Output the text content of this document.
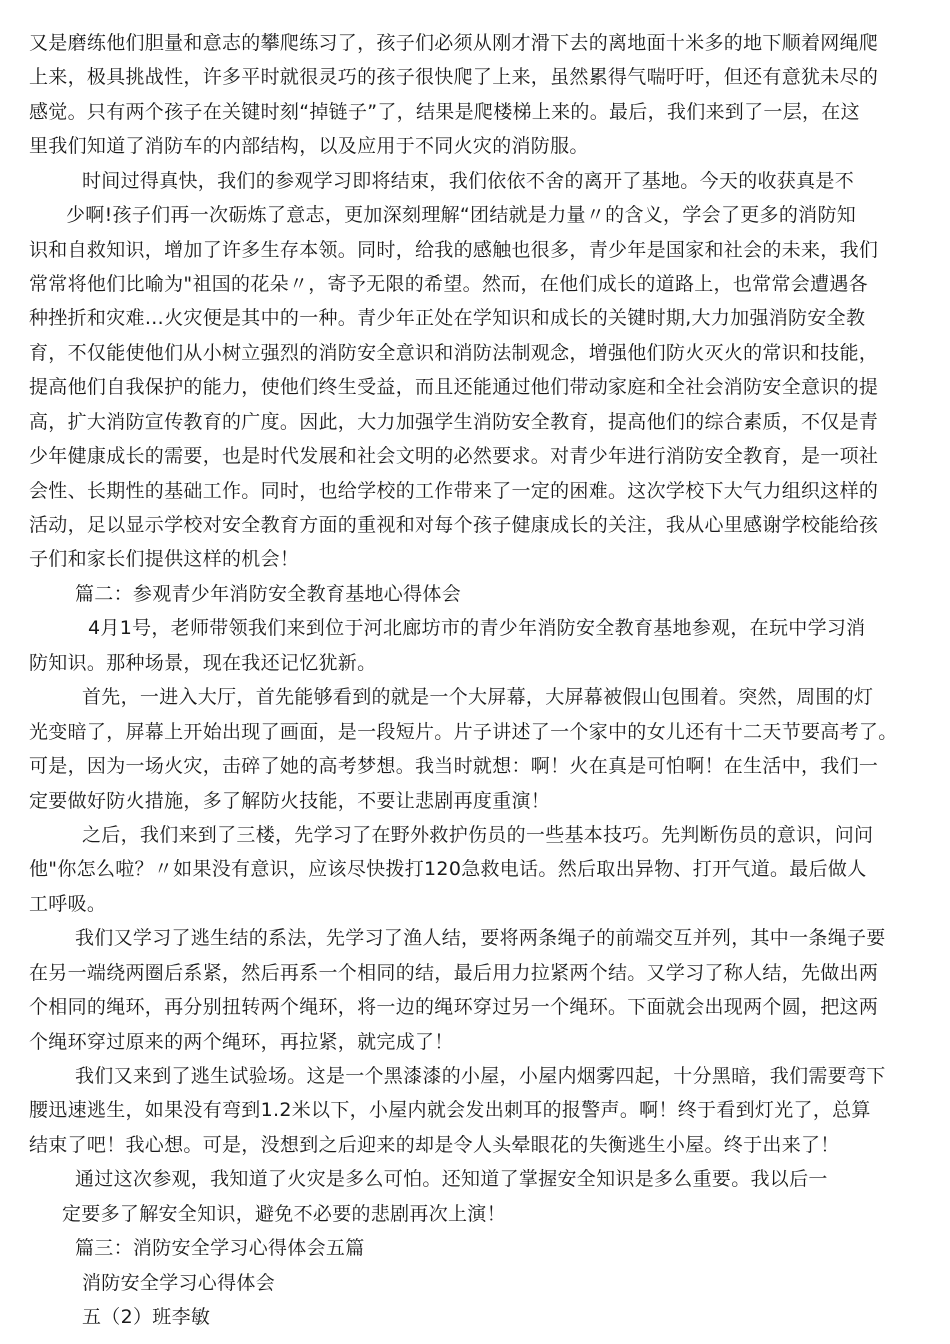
又是磨练他们胆量和意志的攀爬练习了，孩子们必须从刚才滑下去的离地面十米多的地下顺着网绳爬
上来，极具挑战性，许多平时就很灵巧的孩子很快爬了上来，虽然累得气喘吁吁，但还有意犹未尽的
感觉。只有两个孩子在关键时刻“掉链子”了，结果是爬楼梯上来的。最后，我们来到了一层，在这
里我们知道了消防车的内部结构，以及应用于不同火灾的消防服。
时间过得真快，我们的参观学习即将结束，我们依依不舍的离开了基地。今天的收获真是不
少啊!孩子们再一次砺炼了意志，更加深刻理解“团结就是力量〃的含义，学会了更多的消防知
识和自救知识，增加了许多生存本领。同时，给我的感触也很多，青少年是国家和社会的未来，我们
常常将他们比喻为"祖国的花朵〃，寄予无限的希望。然而，在他们成长的道路上，也常常会遭遇各
种挫折和灾难…火灾便是其中的一种。青少年正处在学知识和成长的关键时期,大力加强消防安全教
育，不仅能使他们从小树立强烈的消防安全意识和消防法制观念，增强他们防火灭火的常识和技能，
提高他们自我保护的能力，使他们终生受益，而且还能通过他们带动家庭和全社会消防安全意识的提
高，扩大消防宣传教育的广度。因此，大力加强学生消防安全教育，提高他们的综合素质，不仅是青
少年健康成长的需要，也是时代发展和社会文明的必然要求。对青少年进行消防安全教育，是一项社
会性、长期性的基础工作。同时，也给学校的工作带来了一定的困难。这次学校下大气力组织这样的
活动，足以显示学校对安全教育方面的重视和对每个孩子健康成长的关注，我从心里感谢学校能给孩
子们和家长们提供这样的机会！
篇二：参观青少年消防安全教育基地心得体会
4月1号，老师带领我们来到位于河北廊坊市的青少年消防安全教育基地参观，在玩中学习消
防知识。那种场景，现在我还记忆犹新。
首先，一进入大厅，首先能够看到的就是一个大屏幕，大屏幕被假山包围着。突然，周围的灯
光变暗了，屏幕上开始出现了画面，是一段短片。片子讲述了一个家中的女儿还有十二天节要高考了。
可是，因为一场火灾，击碎了她的高考梦想。我当时就想：啊！火在真是可怕啊！在生活中，我们一
定要做好防火措施，多了解防火技能，不要让悲剧再度重演！
之后，我们来到了三楼，先学习了在野外救护伤员的一些基本技巧。先判断伤员的意识，问问
他"你怎么啦？〃如果没有意识，应该尽快拨打120急救电话。然后取出异物、打开气道。最后做人
工呼吸。
我们又学习了逃生结的系法，先学习了渔人结，要将两条绳子的前端交互并列，其中一条绳子要
在另一端绕两圈后系紧，然后再系一个相同的结，最后用力拉紧两个结。又学习了称人结，先做出两
个相同的绳环，再分别扭转两个绳环，将一边的绳环穿过另一个绳环。下面就会出现两个圆，把这两
个绳环穿过原来的两个绳环，再拉紧，就完成了！
我们又来到了逃生试验场。这是一个黑漆漆的小屋，小屋内烟雾四起，十分黑暗，我们需要弯下
腰迅速逃生，如果没有弯到1.2米以下，小屋内就会发出刺耳的报警声。啊！终于看到灯光了，总算
结束了吧！我心想。可是，没想到之后迎来的却是令人头晕眼花的失衡逃生小屋。终于出来了！
通过这次参观，我知道了火灾是多么可怕。还知道了掌握安全知识是多么重要。我以后一
定要多了解安全知识，避免不必要的悲剧再次上演！
篇三：消防安全学习心得体会五篇
消防安全学习心得体会
五（2）班李敏
